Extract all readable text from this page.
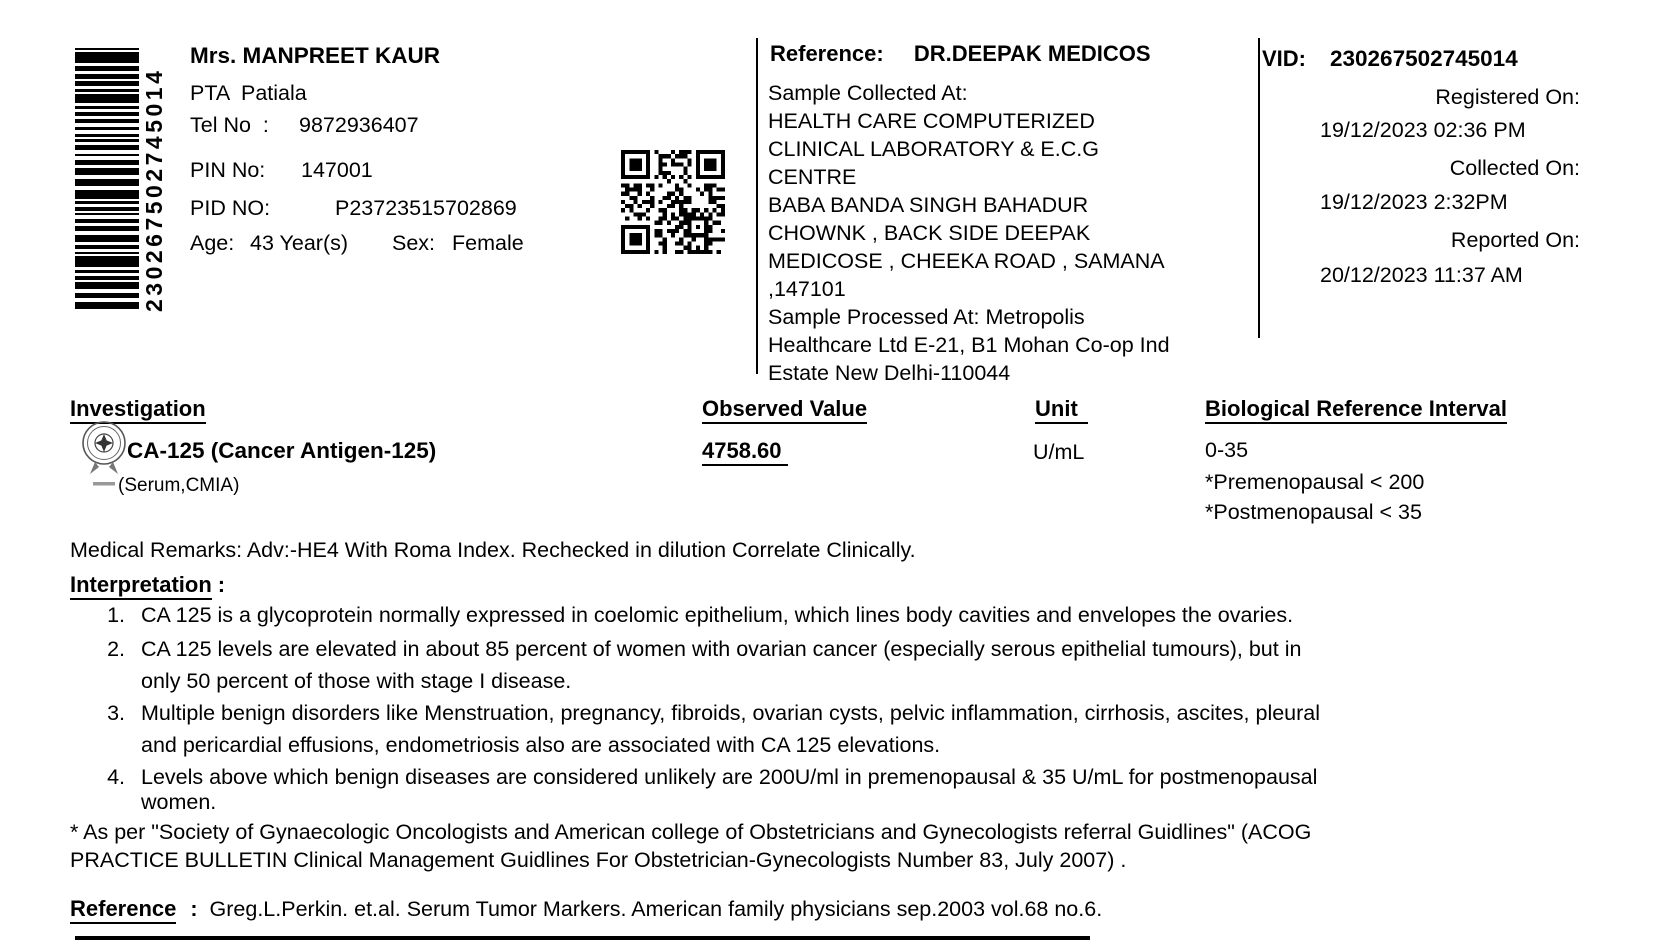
230267502745014
Mrs. MANPREET KAUR
PTA  Patiala
Tel No  : 9872936407
PIN No: 147001
PID NO:	P23723515702869
Age: 43 Year(s) Sex: Female
Reference: DR.DEEPAK MEDICOS
Sample Collected At:
HEALTH CARE COMPUTERIZED
CLINICAL LABORATORY & E.C.G
CENTRE
BABA BANDA SINGH BAHADUR
CHOWNK , BACK SIDE DEEPAK
MEDICOSE , CHEEKA ROAD , SAMANA
,147101
Sample Processed At: Metropolis
Healthcare Ltd E-21, B1 Mohan Co-op Ind
Estate New Delhi-110044
VID: 230267502745014
Registered On:
19/12/2023 02:36 PM
Collected On:
19/12/2023 2:32PM
Reported On:
20/12/2023 11:37 AM
Investigation	Observed Value	Unit	Biological Reference Interval
CA-125 (Cancer Antigen-125)
(Serum,CMIA)
4758.60	U/mL	0-35
*Premenopausal < 200
*Postmenopausal < 35
Medical Remarks: Adv:-HE4 With Roma Index. Rechecked in dilution Correlate Clinically.
Interpretation :
1. CA 125 is a glycoprotein normally expressed in coelomic epithelium, which lines body cavities and envelopes the ovaries.
2. CA 125 levels are elevated in about 85 percent of women with ovarian cancer (especially serous epithelial tumours), but in
only 50 percent of those with stage I disease.
3. Multiple benign disorders like Menstruation, pregnancy, fibroids, ovarian cysts, pelvic inflammation, cirrhosis, ascites, pleural
and pericardial effusions, endometriosis also are associated with CA 125 elevations.
4. Levels above which benign diseases are considered unlikely are 200U/ml in premenopausal & 35 U/mL for postmenopausal
women.
* As per "Society of Gynaecologic Oncologists and American college of Obstetricians and Gynecologists referral Guidlines" (ACOG
PRACTICE BULLETIN Clinical Management Guidlines For Obstetrician-Gynecologists Number 83, July 2007) .
Reference : Greg.L.Perkin. et.al. Serum Tumor Markers. American family physicians sep.2003 vol.68 no.6.
